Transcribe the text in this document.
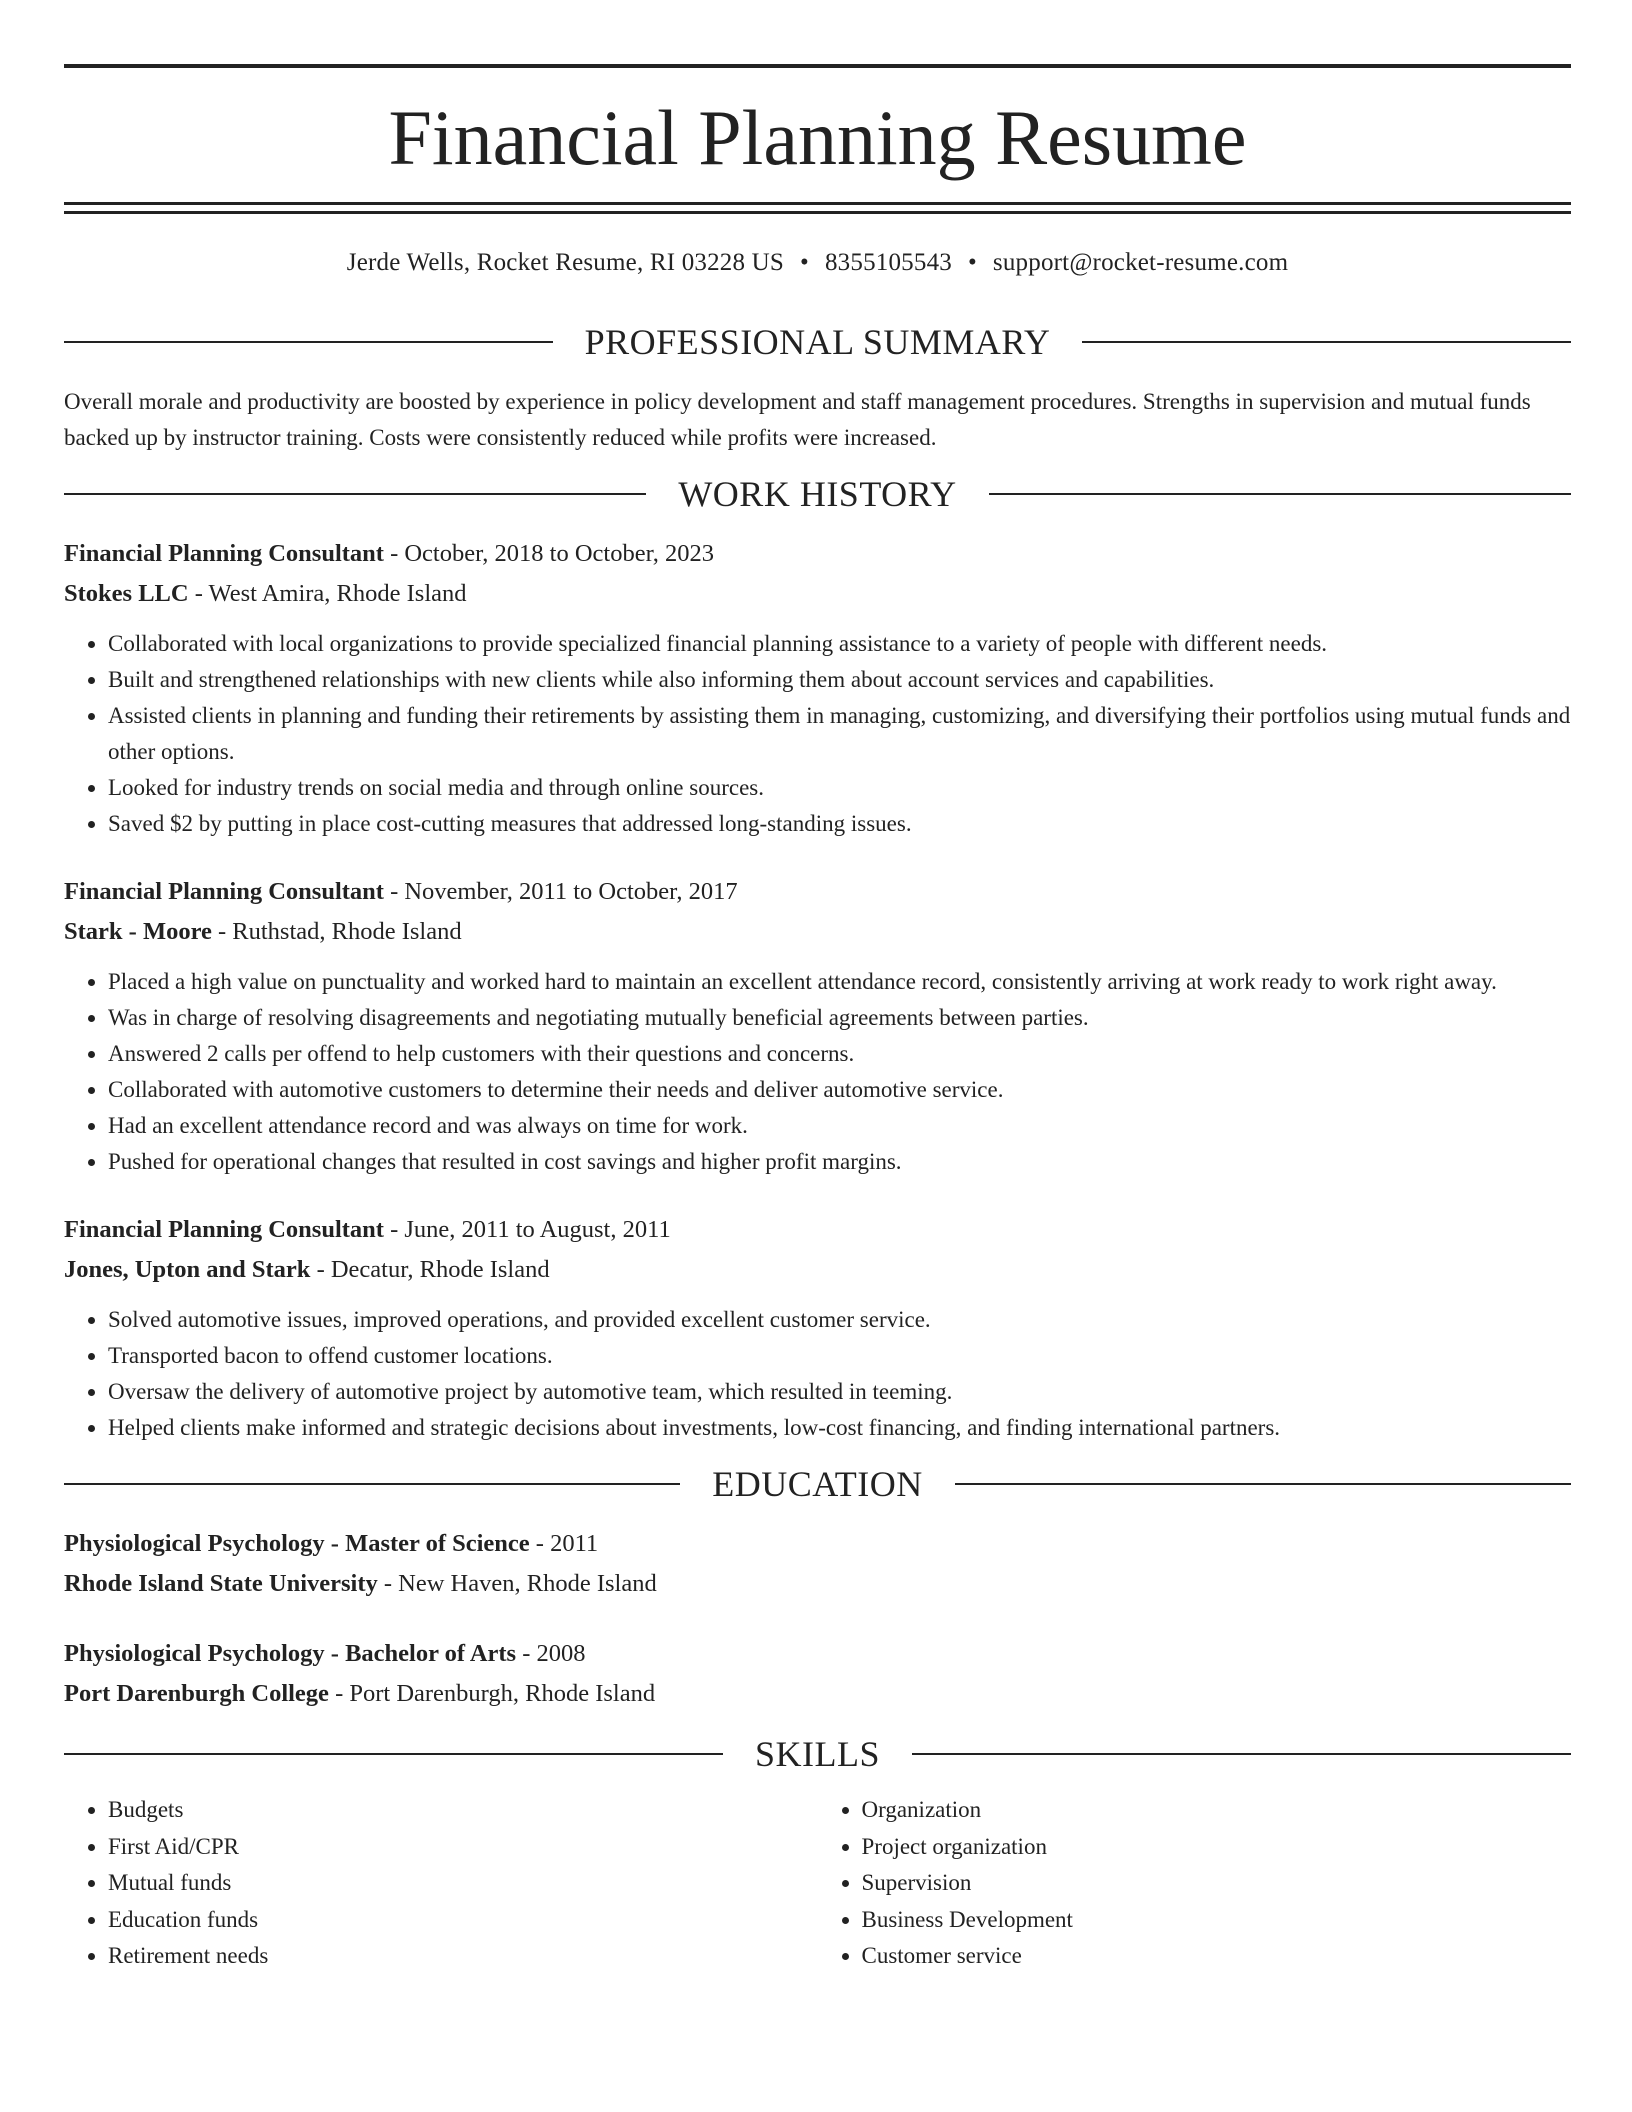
Financial Planning Resume
Jerde Wells, Rocket Resume, RI 03228 US • 8355105543 • support@rocket-resume.com
PROFESSIONAL SUMMARY
Overall morale and productivity are boosted by experience in policy development and staff management procedures. Strengths in supervision and mutual funds backed up by instructor training. Costs were consistently reduced while profits were increased.
WORK HISTORY
Financial Planning Consultant - October, 2018 to October, 2023
Stokes LLC - West Amira, Rhode Island
• Collaborated with local organizations to provide specialized financial planning assistance to a variety of people with different needs.
• Built and strengthened relationships with new clients while also informing them about account services and capabilities.
• Assisted clients in planning and funding their retirements by assisting them in managing, customizing, and diversifying their portfolios using mutual funds and other options.
• Looked for industry trends on social media and through online sources.
• Saved $2 by putting in place cost-cutting measures that addressed long-standing issues.
Financial Planning Consultant - November, 2011 to October, 2017
Stark - Moore - Ruthstad, Rhode Island
• Placed a high value on punctuality and worked hard to maintain an excellent attendance record, consistently arriving at work ready to work right away.
• Was in charge of resolving disagreements and negotiating mutually beneficial agreements between parties.
• Answered 2 calls per offend to help customers with their questions and concerns.
• Collaborated with automotive customers to determine their needs and deliver automotive service.
• Had an excellent attendance record and was always on time for work.
• Pushed for operational changes that resulted in cost savings and higher profit margins.
Financial Planning Consultant - June, 2011 to August, 2011
Jones, Upton and Stark - Decatur, Rhode Island
• Solved automotive issues, improved operations, and provided excellent customer service.
• Transported bacon to offend customer locations.
• Oversaw the delivery of automotive project by automotive team, which resulted in teeming.
• Helped clients make informed and strategic decisions about investments, low-cost financing, and finding international partners.
EDUCATION
Physiological Psychology - Master of Science - 2011
Rhode Island State University - New Haven, Rhode Island
Physiological Psychology - Bachelor of Arts - 2008
Port Darenburgh College - Port Darenburgh, Rhode Island
SKILLS
• Budgets
• First Aid/CPR
• Mutual funds
• Education funds
• Retirement needs
• Organization
• Project organization
• Supervision
• Business Development
• Customer service
